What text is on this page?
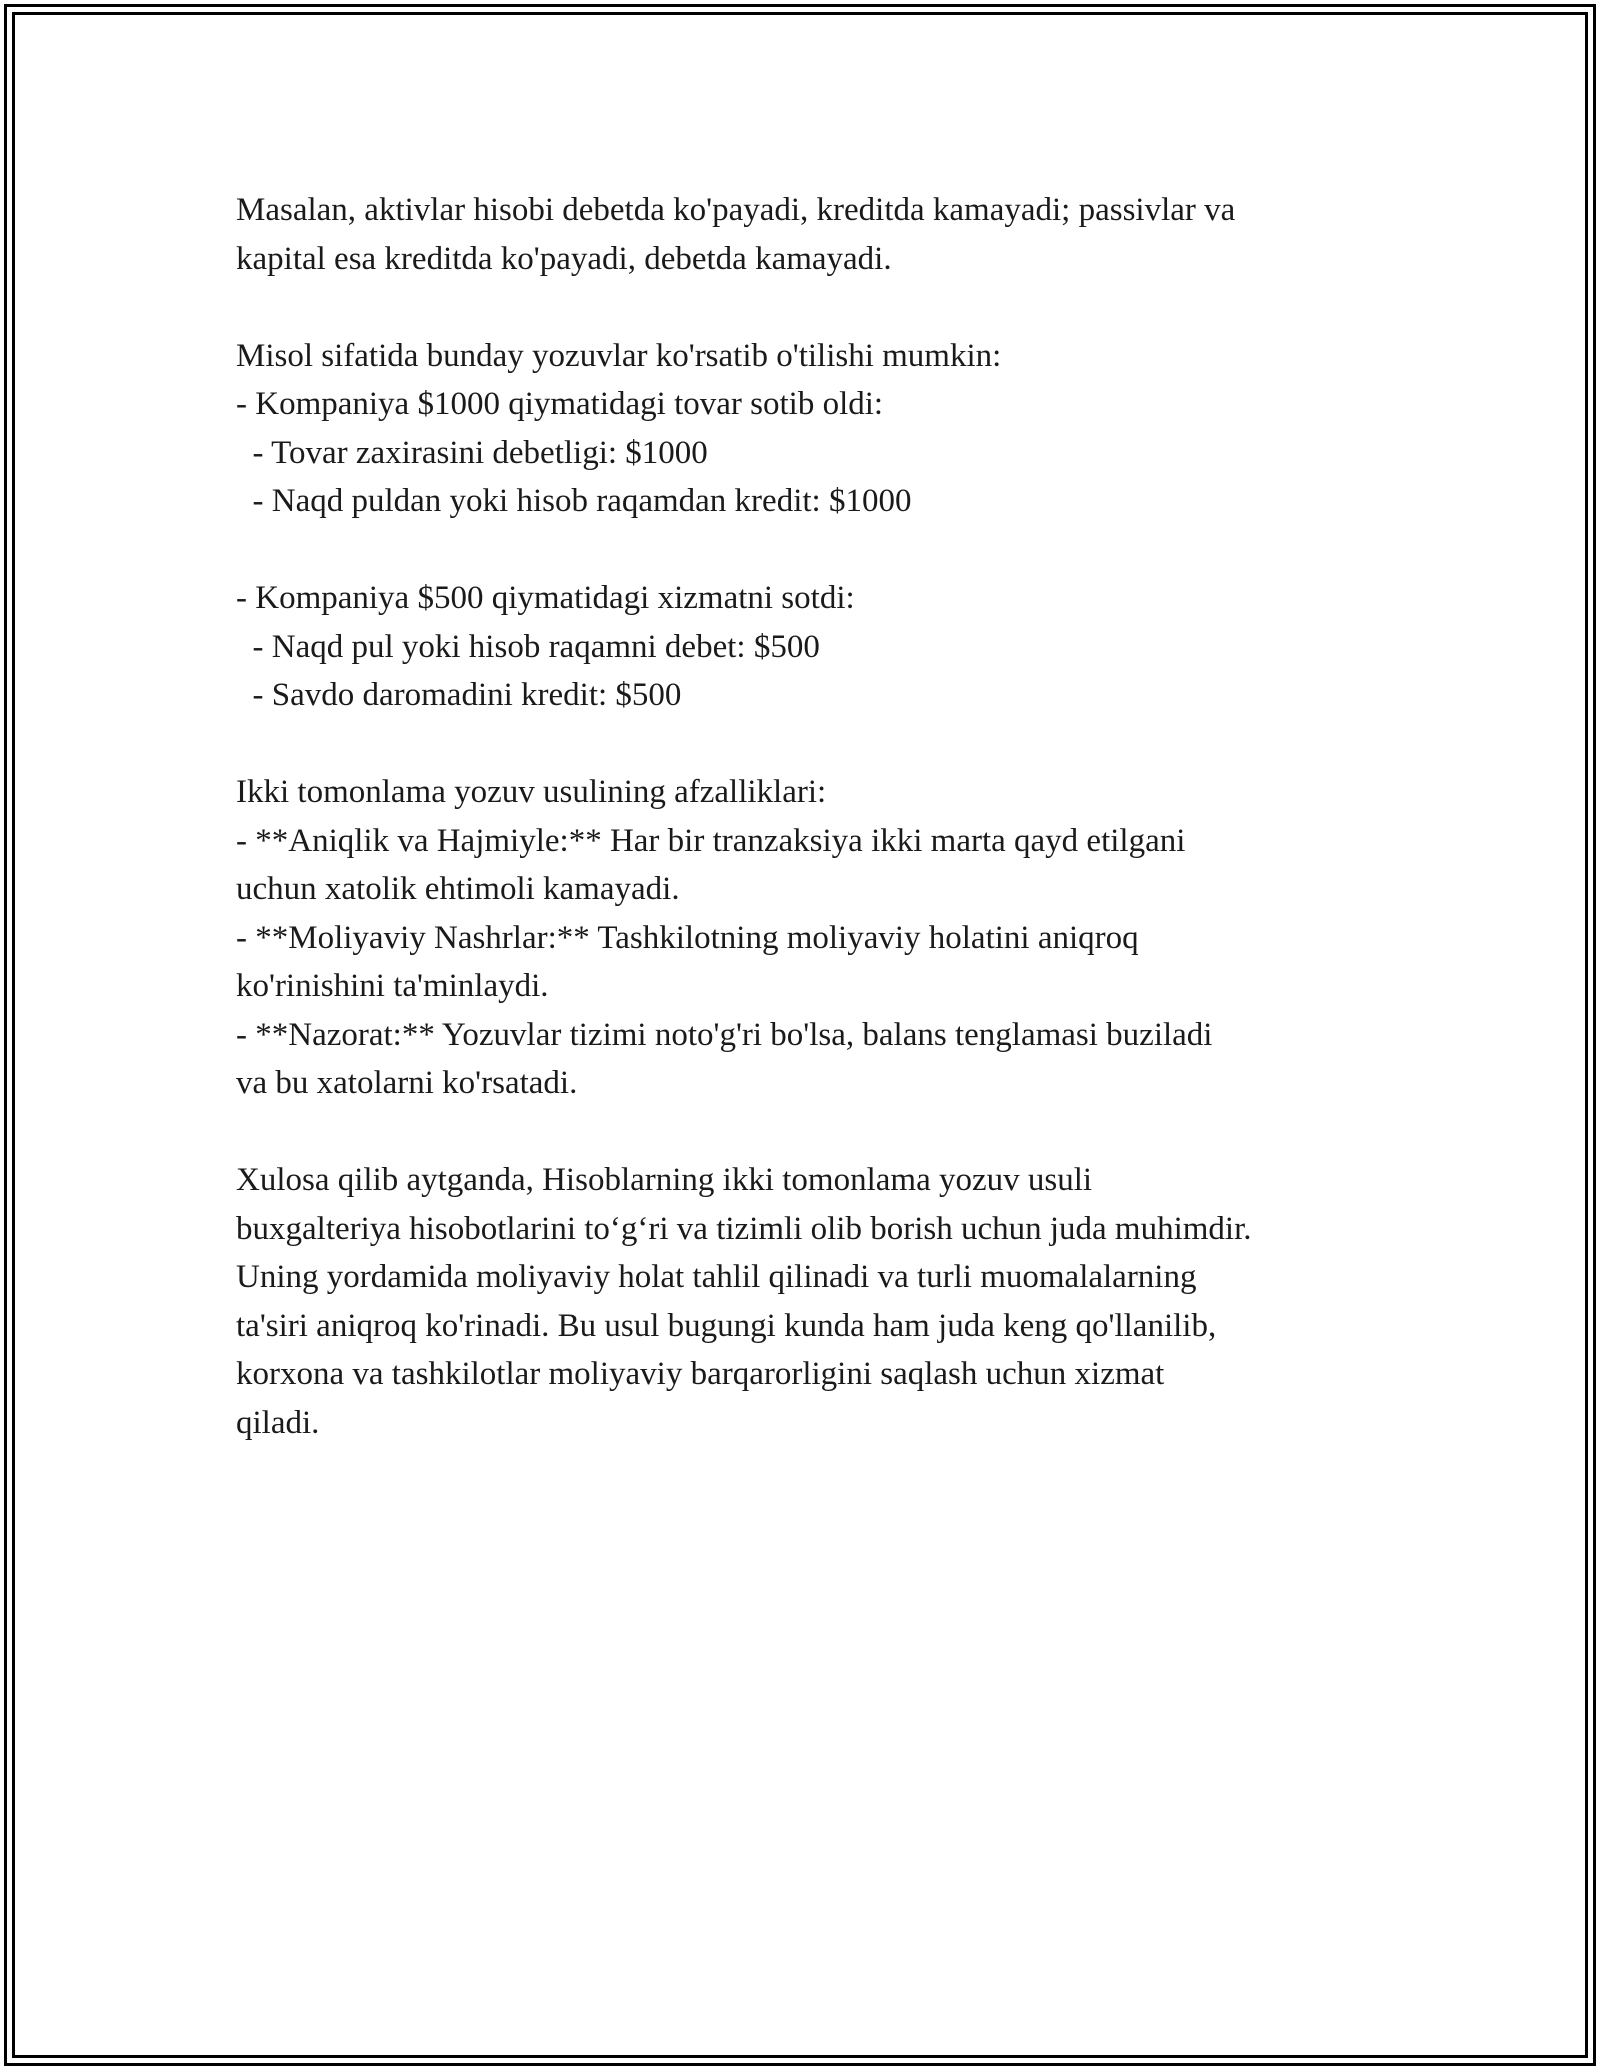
Masalan, aktivlar hisobi debetda ko'payadi, kreditda kamayadi; passivlar va

kapital esa kreditda ko'payadi, debetda kamayadi.

Misol sifatida bunday yozuvlar ko'rsatib o'tilishi mumkin:

- Kompaniya $1000 qiymatidagi tovar sotib oldi:

- Tovar zaxirasini debetligi: $1000

- Naqd puldan yoki hisob raqamdan kredit: $1000

- Kompaniya $500 qiymatidagi xizmatni sotdi:

- Naqd pul yoki hisob raqamni debet: $500

- Savdo daromadini kredit: $500

Ikki tomonlama yozuv usulining afzalliklari:

- **Aniqlik va Hajmiyle:** Har bir tranzaksiya ikki marta qayd etilgani

uchun xatolik ehtimoli kamayadi.

- **Moliyaviy Nashrlar:** Tashkilotning moliyaviy holatini aniqroq

ko'rinishini ta'minlaydi.

- **Nazorat:** Yozuvlar tizimi noto'g'ri bo'lsa, balans tenglamasi buziladi

va bu xatolarni ko'rsatadi.

Xulosa qilib aytganda, Hisoblarning ikki tomonlama yozuv usuli

buxgalteriya hisobotlarini to‘g‘ri va tizimli olib borish uchun juda muhimdir.

Uning yordamida moliyaviy holat tahlil qilinadi va turli muomalalarning

ta'siri aniqroq ko'rinadi. Bu usul bugungi kunda ham juda keng qo'llanilib,

korxona va tashkilotlar moliyaviy barqarorligini saqlash uchun xizmat

qiladi.
